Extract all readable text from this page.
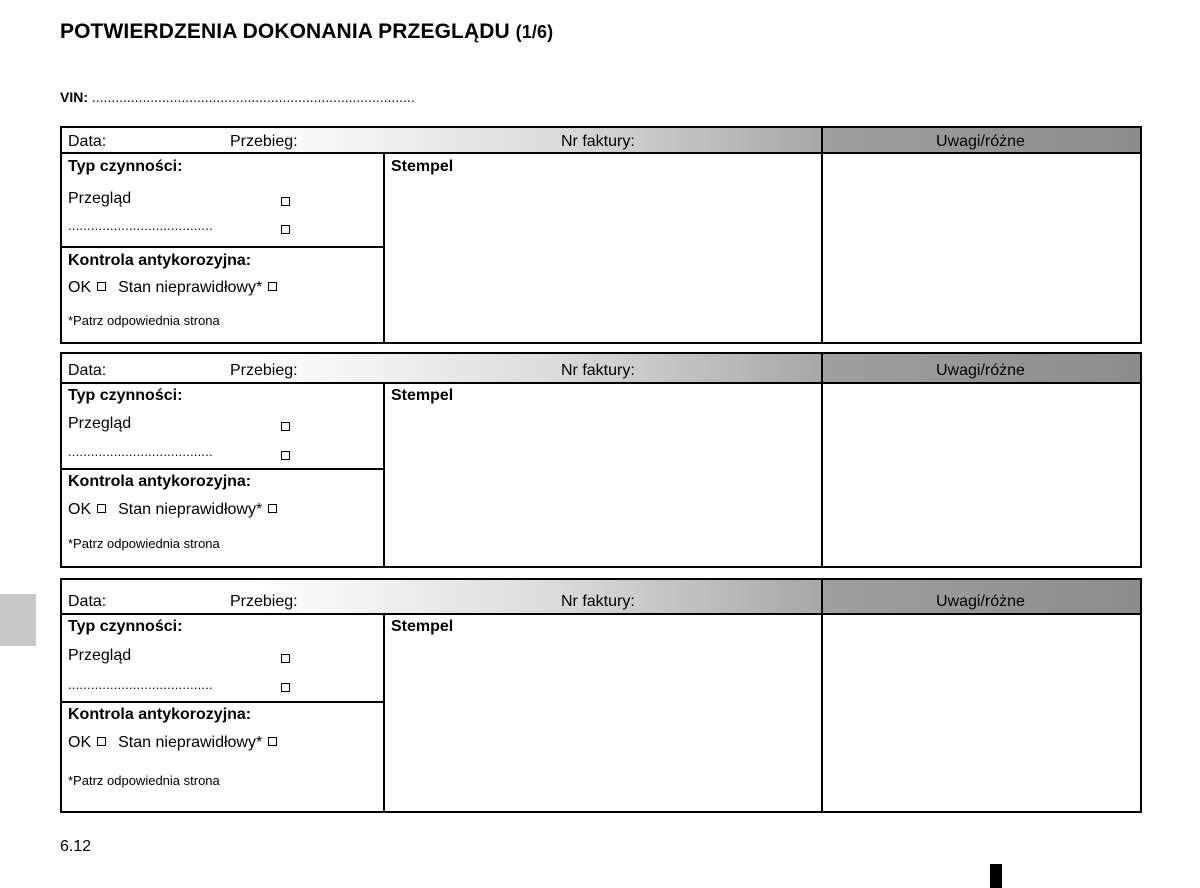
POTWIERDZENIA DOKONANIA PRZEGLĄDU (1/6)
VIN: ...................................................................................
Data:	Przebieg:	Nr faktury:	Uwagi/różne
Typ czynności:
Przegląd
......................................
Kontrola antykorozyjna:
OK Stan nieprawidłowy*
*Patrz odpowiednia strona
Stempel
Data:	Przebieg:	Nr faktury:	Uwagi/różne
Typ czynności:
Przegląd
......................................
Kontrola antykorozyjna:
OK Stan nieprawidłowy*
*Patrz odpowiednia strona
Stempel
Data:	Przebieg:	Nr faktury:	Uwagi/różne
Typ czynności:
Przegląd
......................................
Kontrola antykorozyjna:
OK Stan nieprawidłowy*
*Patrz odpowiednia strona
Stempel
6.12
